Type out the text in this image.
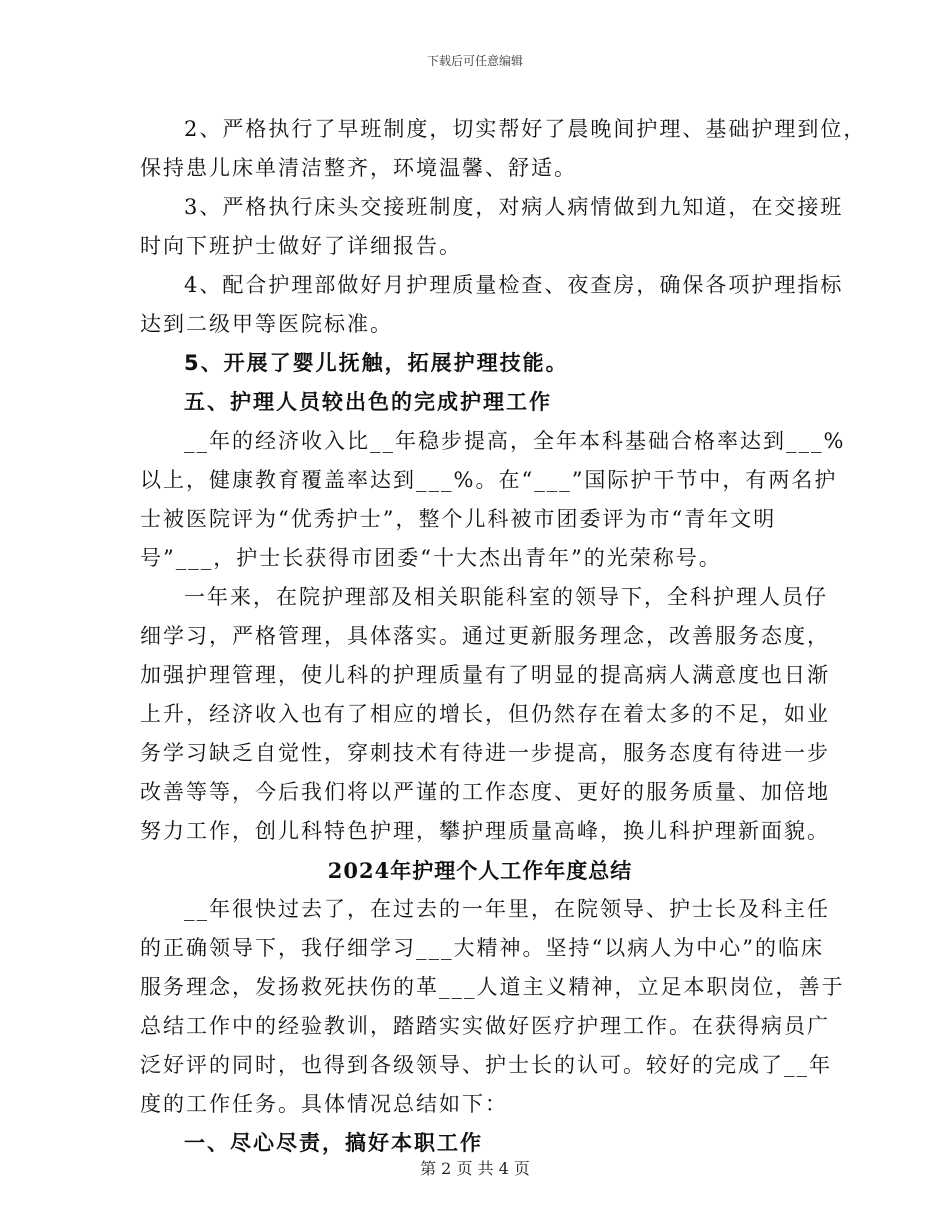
下载后可任意编辑
2、严格执行了早班制度，切实帮好了晨晚间护理、基础护理到位，
保持患儿床单清洁整齐，环境温馨、舒适。
3、严格执行床头交接班制度，对病人病情做到九知道，在交接班
时向下班护士做好了详细报告。
4、配合护理部做好月护理质量检查、夜查房，确保各项护理指标
达到二级甲等医院标准。
5、开展了婴儿抚触，拓展护理技能。
五、护理人员较出色的完成护理工作
__年的经济收入比__年稳步提高，全年本科基础合格率达到___%
以上，健康教育覆盖率达到___%。在“___”国际护干节中，有两名护
士被医院评为“优秀护士”，整个儿科被市团委评为市“青年文明
号”___，护士长获得市团委“十大杰出青年”的光荣称号。
一年来，在院护理部及相关职能科室的领导下，全科护理人员仔
细学习，严格管理，具体落实。通过更新服务理念，改善服务态度，
加强护理管理，使儿科的护理质量有了明显的提高病人满意度也日渐
上升，经济收入也有了相应的增长，但仍然存在着太多的不足，如业
务学习缺乏自觉性，穿刺技术有待进一步提高，服务态度有待进一步
改善等等，今后我们将以严谨的工作态度、更好的服务质量、加倍地
努力工作，创儿科特色护理，攀护理质量高峰，换儿科护理新面貌。
2024年护理个人工作年度总结
__年很快过去了，在过去的一年里，在院领导、护士长及科主任
的正确领导下，我仔细学习___大精神。坚持“以病人为中心”的临床
服务理念，发扬救死扶伤的革___人道主义精神，立足本职岗位，善于
总结工作中的经验教训，踏踏实实做好医疗护理工作。在获得病员广
泛好评的同时，也得到各级领导、护士长的认可。较好的完成了__年
度的工作任务。具体情况总结如下：
一、尽心尽责，搞好本职工作
第 2 页 共 4 页
